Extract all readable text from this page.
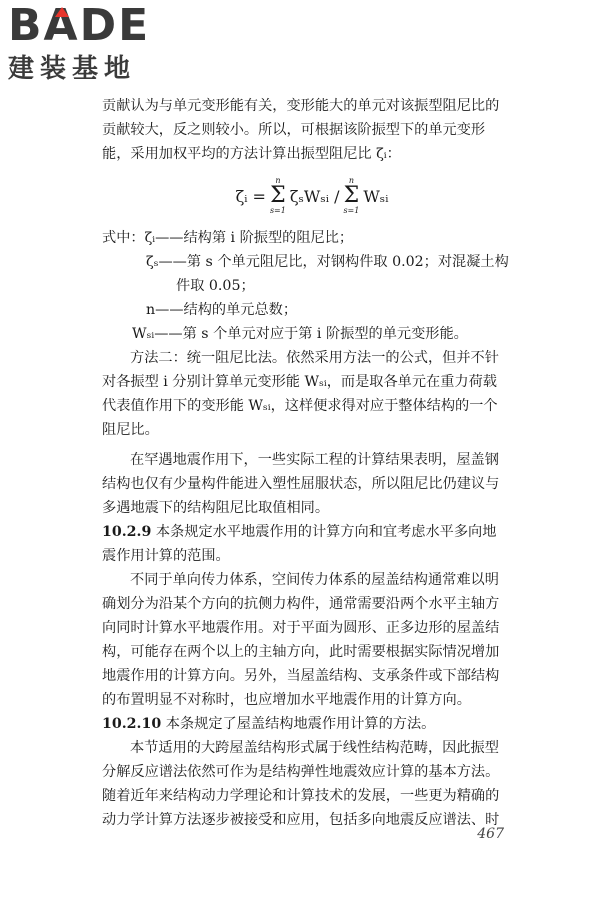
BADE
建装基地
贡献认为与单元变形能有关，变形能大的单元对该振型阻尼比的
贡献较大，反之则较小。所以，可根据该阶振型下的单元变形
能，采用加权平均的方法计算出振型阻尼比 ζᵢ：
ζᵢ =
n
Σ
s=1
ζₛWₛᵢ /
n
Σ
s=1
Wₛᵢ
式中：ζᵢ——结构第 i 阶振型的阻尼比；
ζₛ——第 s 个单元阻尼比，对钢构件取 0.02；对混凝土构
件取 0.05；
n——结构的单元总数；
Wₛᵢ——第 s 个单元对应于第 i 阶振型的单元变形能。
方法二：统一阻尼比法。依然采用方法一的公式，但并不针
对各振型 i 分别计算单元变形能 Wₛᵢ，而是取各单元在重力荷载
代表值作用下的变形能 Wₛᵢ，这样便求得对应于整体结构的一个
阻尼比。
在罕遇地震作用下，一些实际工程的计算结果表明，屋盖钢
结构也仅有少量构件能进入塑性屈服状态，所以阻尼比仍建议与
多遇地震下的结构阻尼比取值相同。
10.2.9 本条规定水平地震作用的计算方向和宜考虑水平多向地
震作用计算的范围。
不同于单向传力体系，空间传力体系的屋盖结构通常难以明
确划分为沿某个方向的抗侧力构件，通常需要沿两个水平主轴方
向同时计算水平地震作用。对于平面为圆形、正多边形的屋盖结
构，可能存在两个以上的主轴方向，此时需要根据实际情况增加
地震作用的计算方向。另外，当屋盖结构、支承条件或下部结构
的布置明显不对称时，也应增加水平地震作用的计算方向。
10.2.10 本条规定了屋盖结构地震作用计算的方法。
本节适用的大跨屋盖结构形式属于线性结构范畴，因此振型
分解反应谱法依然可作为是结构弹性地震效应计算的基本方法。
随着近年来结构动力学理论和计算技术的发展，一些更为精确的
动力学计算方法逐步被接受和应用，包括多向地震反应谱法、时
467
